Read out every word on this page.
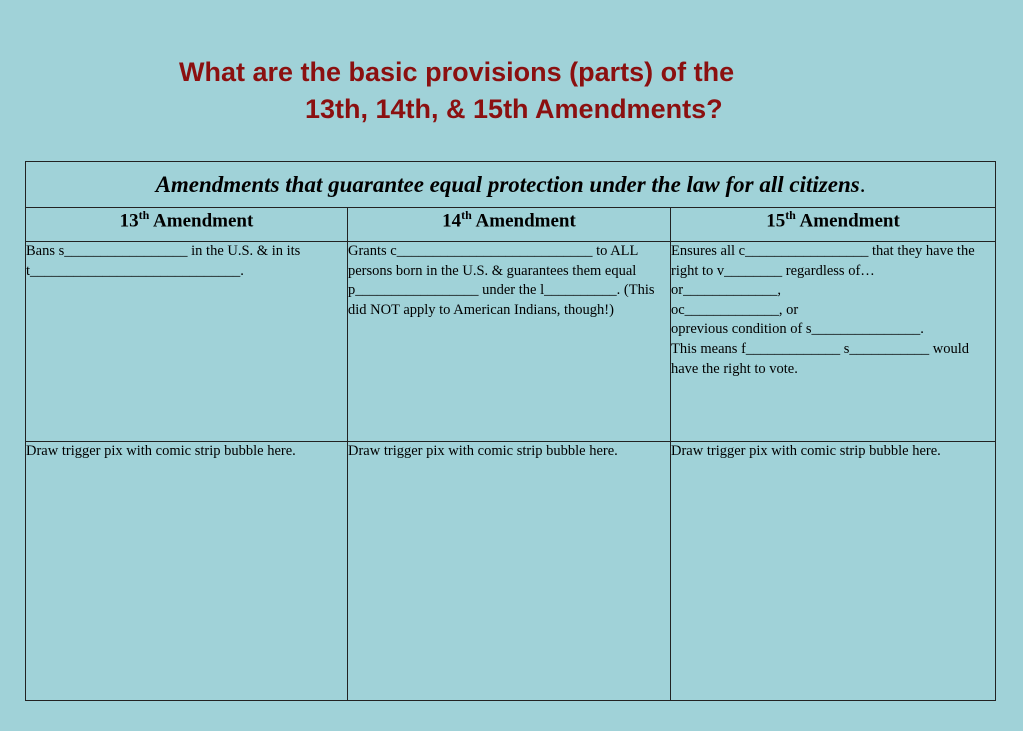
What are the basic provisions (parts) of the
13th, 14th, & 15th Amendments?
Amendments that guarantee equal protection under the law for all citizens.		
13th Amendment	14th Amendment	15th Amendment
Bans s_________________ in the U.S. & in its t_____________________________.	Grants c___________________________ to ALL persons born in the U.S. & guarantees them equal p_________________ under the l__________. (This did NOT apply to American Indians, though!)	Ensures all c_________________ that they have the right to v________ regardless of…
or_____________,
oc_____________, or
oprevious condition of s_______________.
This means f_____________ s___________ would have the right to vote.

Draw trigger pix with comic strip bubble here.	Draw trigger pix with comic strip bubble here.	Draw trigger pix with comic strip bubble here.
